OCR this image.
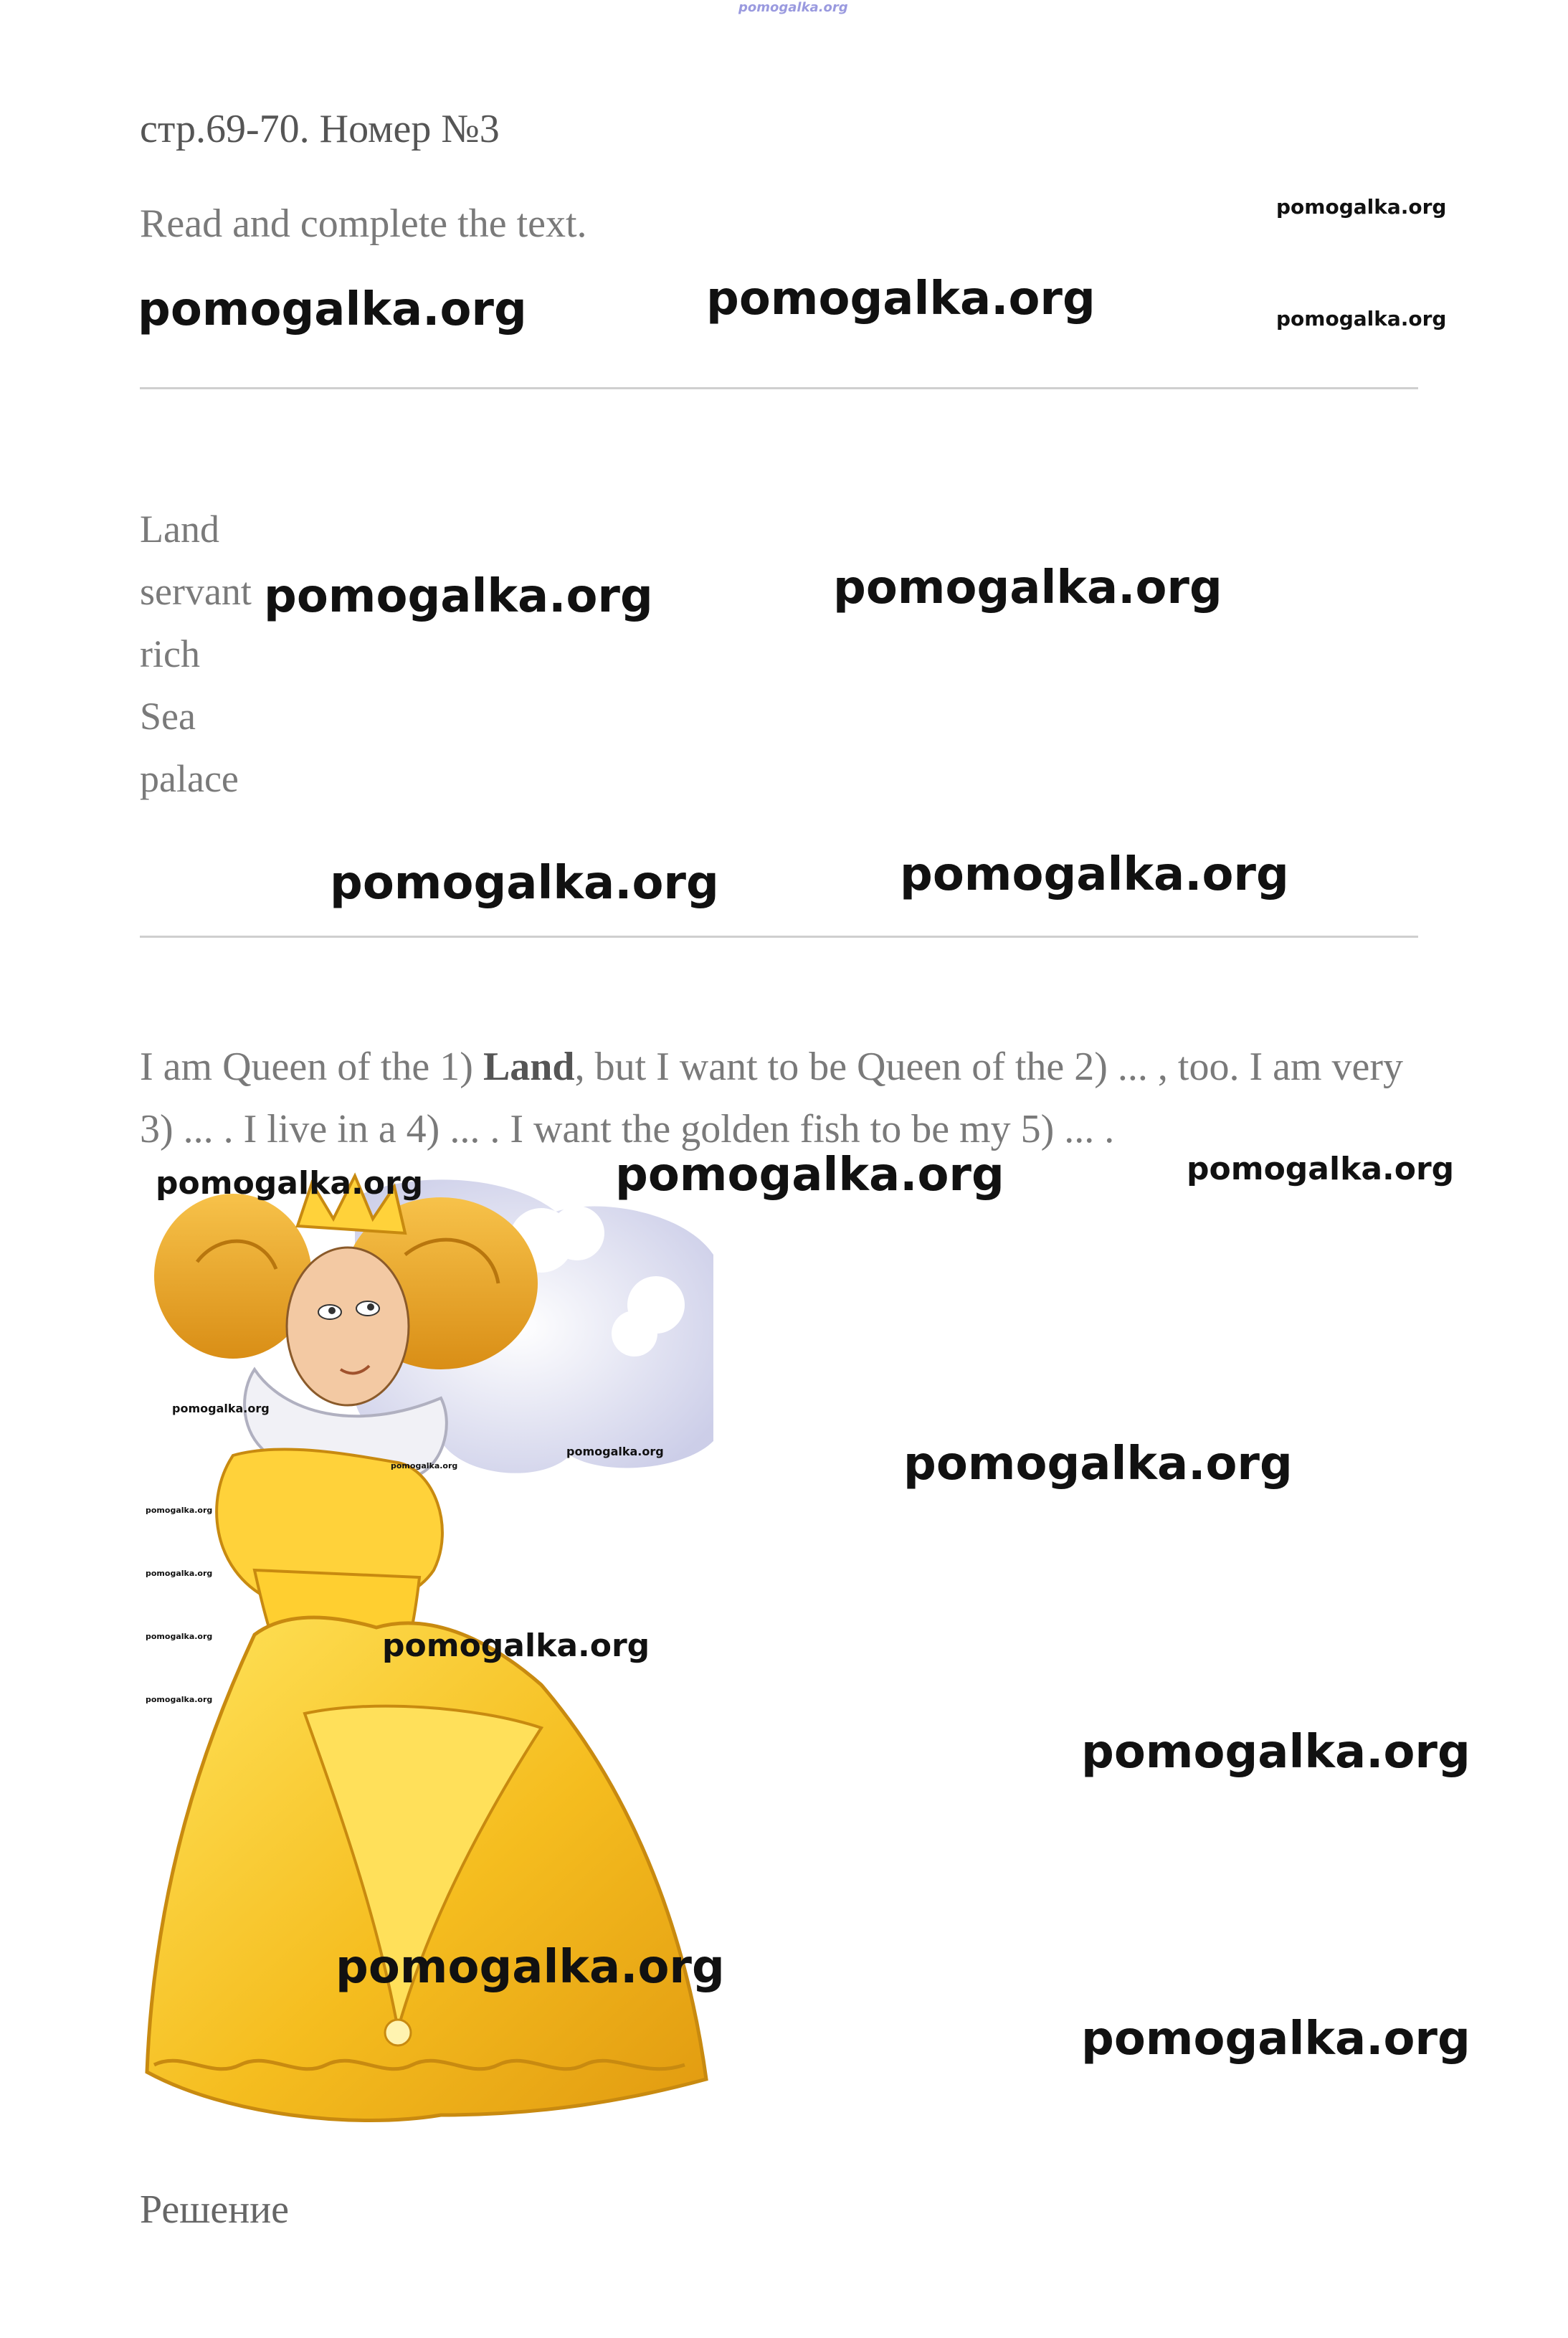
pomogalka.org
стр.69-70. Номер №3
Read and complete the text.	pomogalka.org
pomogalka.org	pomogalka.org	pomogalka.org
Land
servant
rich
Sea
palace
pomogalka.org	pomogalka.org
pomogalka.org	pomogalka.org
I am Queen of the 1) Land, but I want to be Queen of the 2) ... , too. I am very 3) ... . I live in a 4) ... . I want the golden fish to be my 5) ... .
pomogalka.org	pomogalka.org	pomogalka.org
pomogalka.org
pomogalka.org
pomogalka.org
pomogalka.org
pomogalka.org
pomogalka.org
pomogalka.org
pomogalka.org
pomogalka.org
pomogalka.org
pomogalka.org
pomogalka.org
Решение
